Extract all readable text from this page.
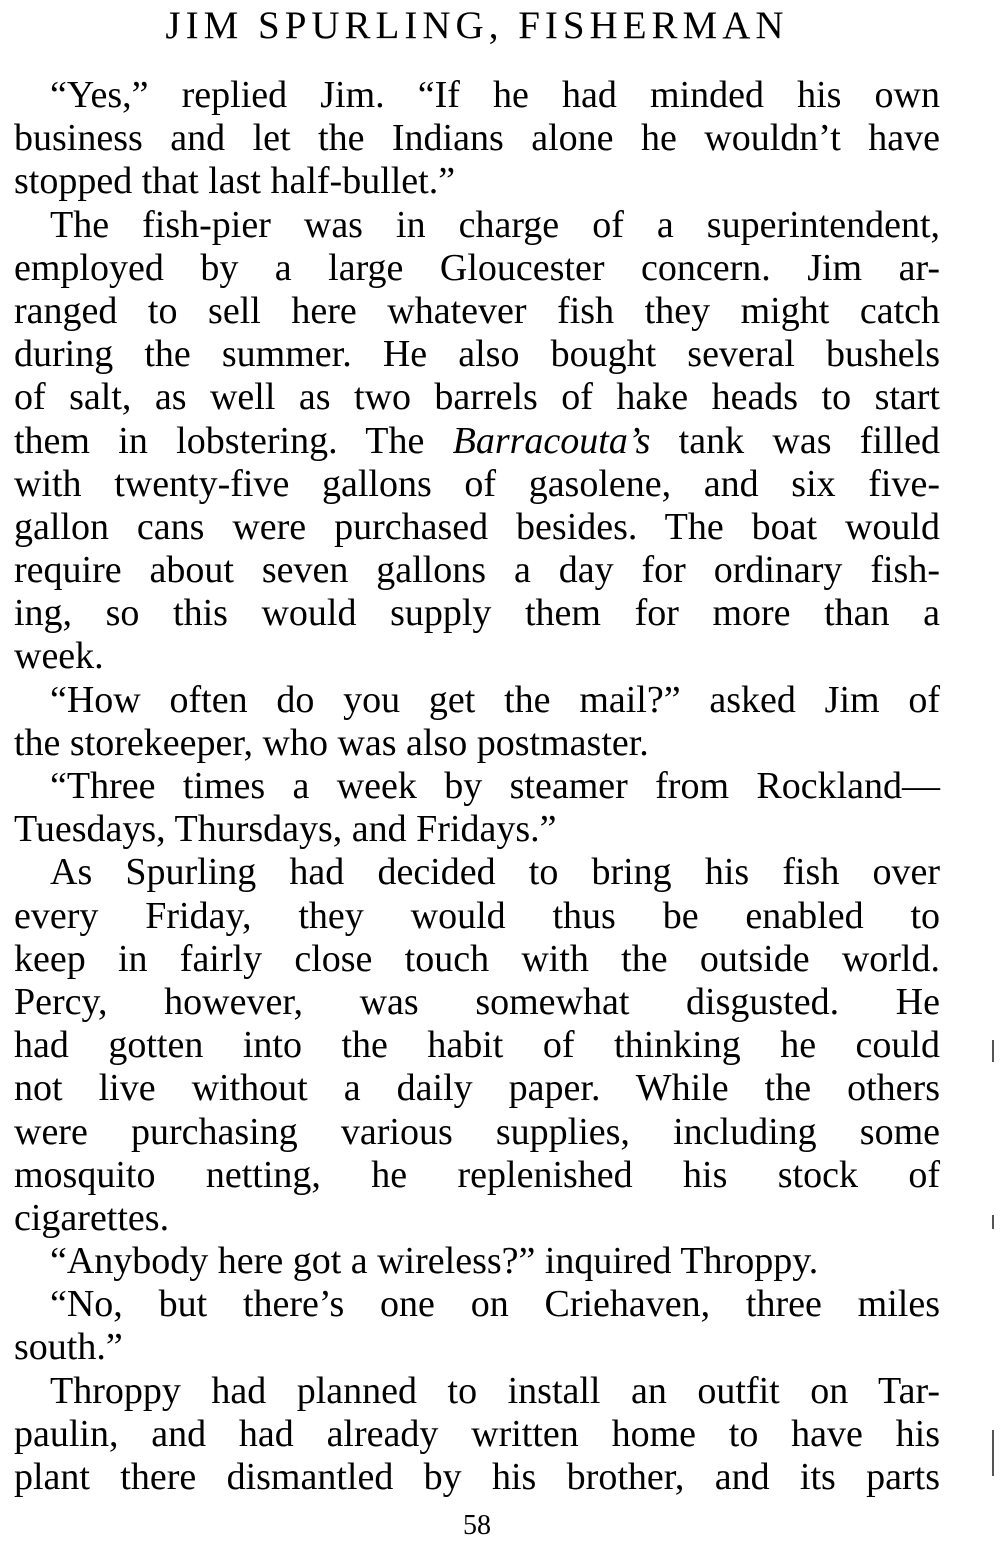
JIM SPURLING, FISHERMAN
“Yes,” replied Jim. “If he had minded his own
business and let the Indians alone he wouldn’t have
stopped that last half-bullet.”
The fish-pier was in charge of a superintendent,
employed by a large Gloucester concern. Jim ar-
ranged to sell here whatever fish they might catch
during the summer. He also bought several bushels
of salt, as well as two barrels of hake heads to start
them in lobstering. The Barracouta’s tank was filled
with twenty-five gallons of gasolene, and six five-
gallon cans were purchased besides. The boat would
require about seven gallons a day for ordinary fish-
ing, so this would supply them for more than a
week.
“How often do you get the mail?” asked Jim of
the storekeeper, who was also postmaster.
“Three times a week by steamer from Rockland—
Tuesdays, Thursdays, and Fridays.”
As Spurling had decided to bring his fish over
every Friday, they would thus be enabled to
keep in fairly close touch with the outside world.
Percy, however, was somewhat disgusted. He
had gotten into the habit of thinking he could
not live without a daily paper. While the others
were purchasing various supplies, including some
mosquito netting, he replenished his stock of
cigarettes.
“Anybody here got a wireless?” inquired Throppy.
“No, but there’s one on Criehaven, three miles
south.”
Throppy had planned to install an outfit on Tar-
paulin, and had already written home to have his
plant there dismantled by his brother, and its parts
58
